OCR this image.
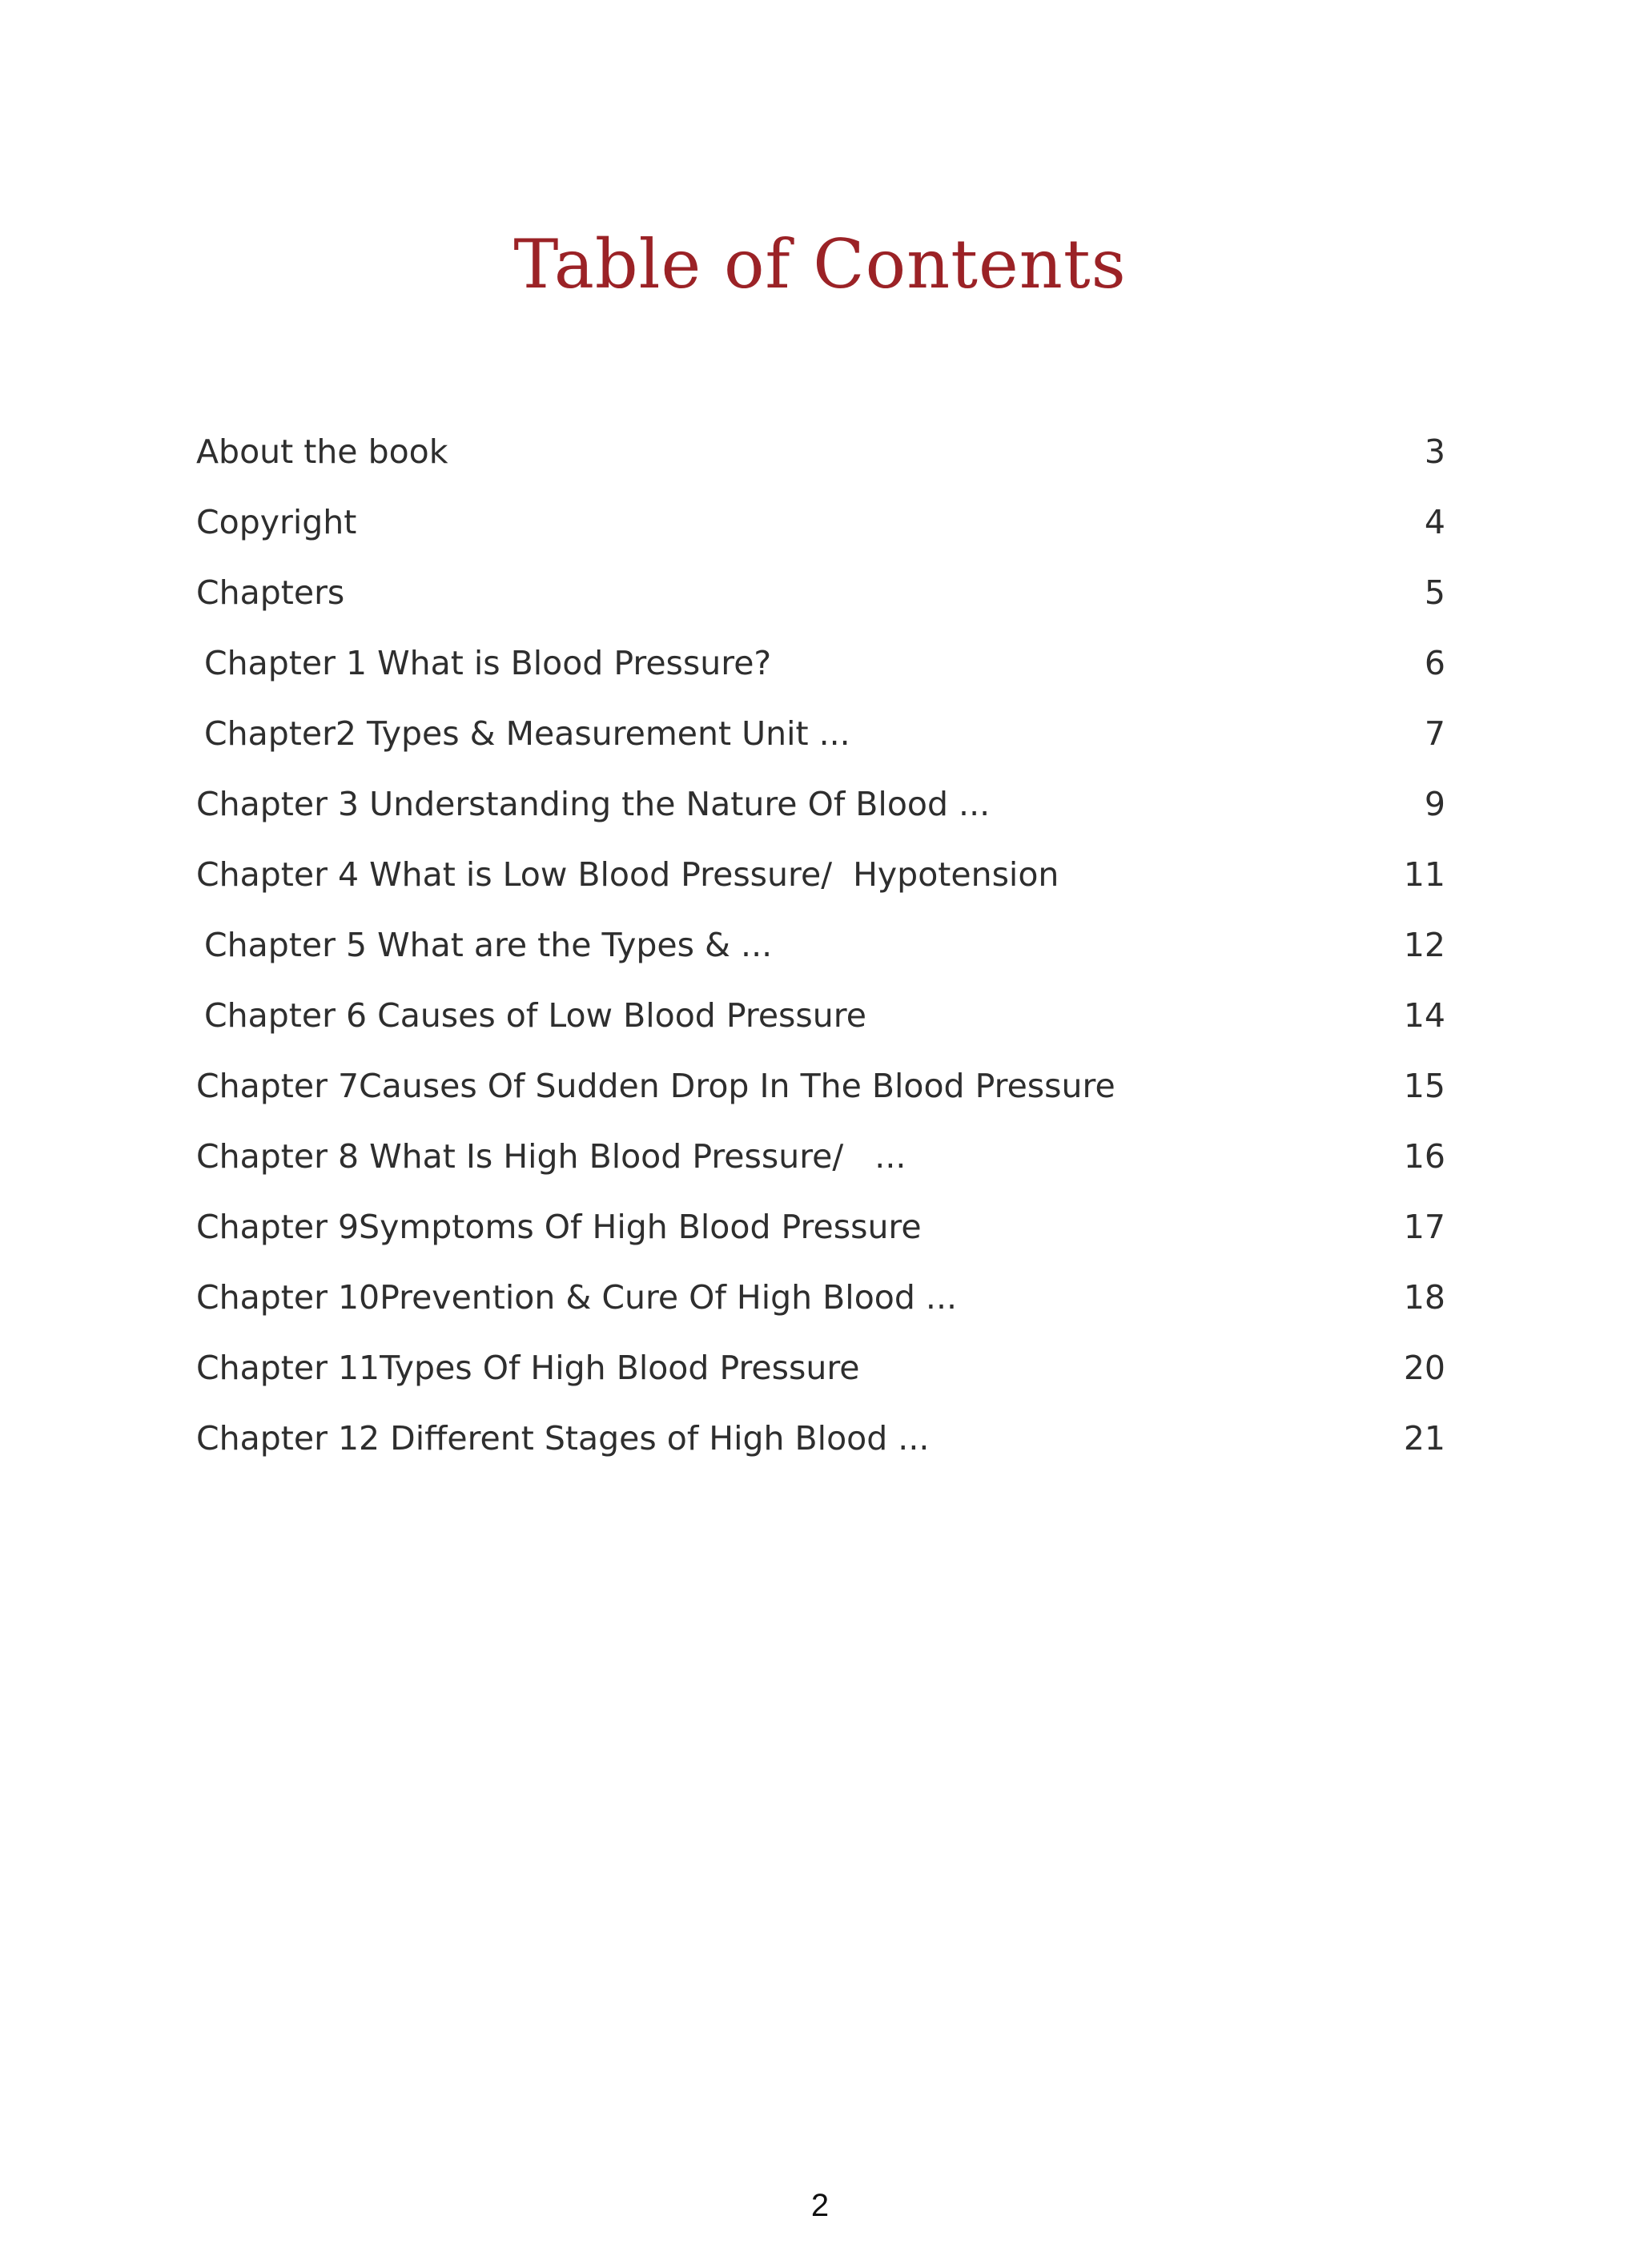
Table of Contents
About the book	3
Copyright	4
Chapters	5
Chapter 1 What is Blood Pressure?	6
Chapter2 Types & Measurement Unit ...	7
Chapter 3 Understanding the Nature Of Blood ...	9
Chapter 4 What is Low Blood Pressure/  Hypotension	11
Chapter 5 What are the Types & ...	12
Chapter 6 Causes of Low Blood Pressure	14
Chapter 7Causes Of Sudden Drop In The Blood Pressure	15
Chapter 8 What Is High Blood Pressure/   ...	16
Chapter 9Symptoms Of High Blood Pressure	17
Chapter 10Prevention & Cure Of High Blood ...	18
Chapter 11Types Of High Blood Pressure	20
Chapter 12 Different Stages of High Blood ...	21
2
